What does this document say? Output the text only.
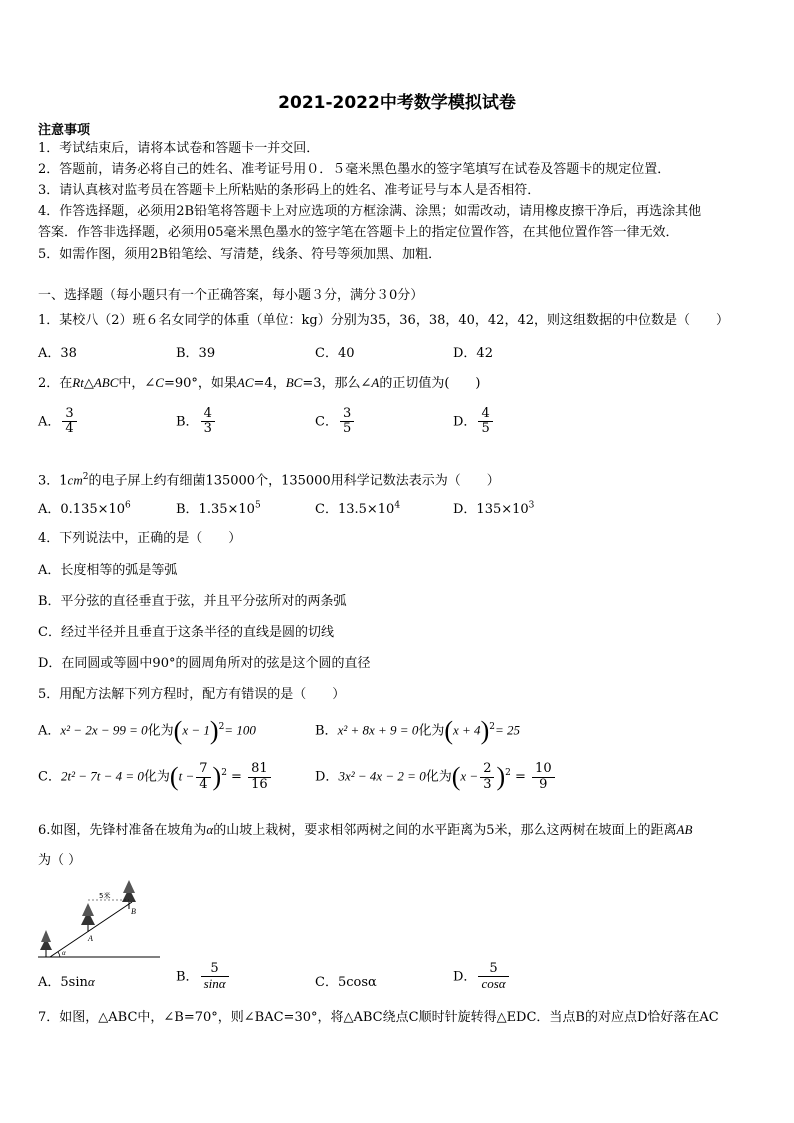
2021-2022中考数学模拟试卷
注意事项
1．考试结束后，请将本试卷和答题卡一并交回．
2．答题前，请务必将自己的姓名、准考证号用０．５毫米黑色墨水的签字笔填写在试卷及答题卡的规定位置．
3．请认真核对监考员在答题卡上所粘贴的条形码上的姓名、准考证号与本人是否相符．
4．作答选择题，必须用2B铅笔将答题卡上对应选项的方框涂满、涂黑；如需改动，请用橡皮擦干净后，再选涂其他
答案．作答非选择题，必须用05毫米黑色墨水的签字笔在答题卡上的指定位置作答，在其他位置作答一律无效．
5．如需作图，须用2B铅笔绘、写清楚，线条、符号等须加黑、加粗．
一、选择题（每小题只有一个正确答案，每小题３分，满分３0分）
1．某校八（2）班６名女同学的体重（单位：kg）分别为35，36，38，40，42，42，则这组数据的中位数是（　　）
A．38	B．39	C．40	D．42
2．在Rt△ABC中，∠C=90°，如果AC=4，BC=3，那么∠A的正切值为(　　)
A． $\frac{3}{4}$	B． $\frac{4}{3}$	C． $\frac{3}{5}$	D． $\frac{4}{5}$
3．$1cm^2$的电子屏上约有细菌135000个，135000用科学记数法表示为（　　）
A．$0.135\times 10^6$	B．$1.35\times 10^5$	C．$13.5\times 10^4$	D．$135\times 10^3$
4．下列说法中，正确的是（　　）
A．长度相等的弧是等弧
B．平分弦的直径垂直于弦，并且平分弦所对的两条弧
C．经过半径并且垂直于这条半径的直线是圆的切线
D．在同圆或等圆中90°的圆周角所对的弦是这个圆的直径
5．用配方法解下列方程时，配方有错误的是（　　）
A．x² − 2x − 99 = 0化为$(x - 1)^2= 100$	B．x² + 8x + 9 = 0化为$(x + 4)^2= 25$
C．2t² − 7t − 4 = 0化为$(t - \frac{7}{4} )^2 = \frac{81}{16}$	D．3x² − 4x − 2 = 0化为$(x - \frac{2}{3} )^2 = \frac{10}{9}$
6.如图，先锋村准备在坡角为α的山坡上栽树，要求相邻两树之间的水平距离为5米，那么这两树在坡面上的距离AB
为（ ）
α
5米
A
B
A．5sinα	B． $\frac{5}{\sin\alpha}$	C．5cosα	D． $\frac{5}{\cos\alpha}$
7．如图，△ABC中，∠B=70°，则∠BAC=30°，将△ABC绕点C顺时针旋转得△EDC．当点B的对应点D恰好落在AC
